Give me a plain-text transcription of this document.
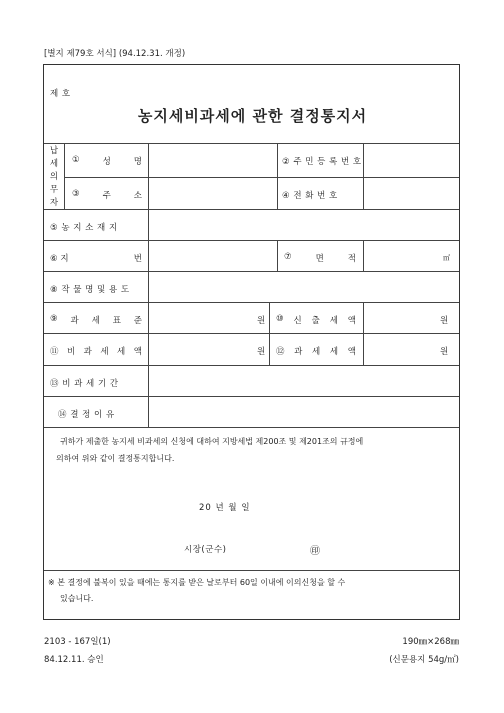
[별지 제79호 서식] (94.12.31. 개정)
제 호
농지세비과세에 관한 결정통지서
납
세
의
무
자
①	성	명	② 주 민 등 록 번 호
③	주	소	④ 전 화 번 호
⑤ 농 지 소 재 지
⑥ 지	번	⑦	면	적	㎡
⑧ 작 물 명 및 용 도
⑨ 과 세 표 준	원 ⑩ 신 출 세 액	원
⑪ 비 과 세 세 액	원 ⑫ 과 세 세 액	원
⑬ 비 과 세 기 간
⑭ 결 정 이 유
귀하가 제출한 농지세 비과세의 신청에 대하여 지방세법 제200조 및 제201조의 규정에
의하여 위와 같이 결정통지합니다.
20 년 월 일
시장(군수)	㊞
※ 본 결정에 불복이 있을 때에는 통지를 받은 날로부터 60일 이내에 이의신청을 할 수
있습니다.
2103 - 167일(1)
84.12.11. 승인
190㎜×268㎜
(신문용지 54g/㎡)
